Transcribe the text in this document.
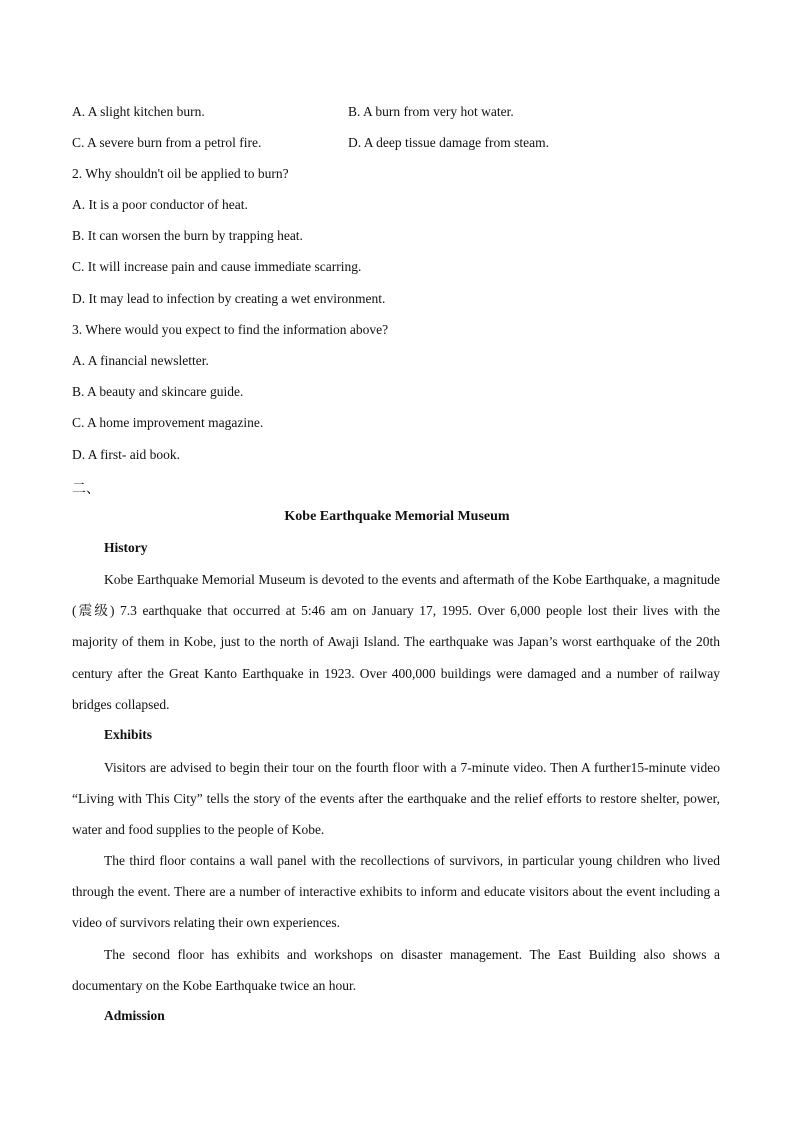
A. A slight kitchen burn.	B. A burn from very hot water.
C. A severe burn from a petrol fire.	D. A deep tissue damage from steam.
2. Why shouldn't oil be applied to burn?
A. It is a poor conductor of heat.
B. It can worsen the burn by trapping heat.
C. It will increase pain and cause immediate scarring.
D. It may lead to infection by creating a wet environment.
3. Where would you expect to find the information above?
A. A financial newsletter.
B. A beauty and skincare guide.
C. A home improvement magazine.
D. A first- aid book.
二、
Kobe Earthquake Memorial Museum
History
Kobe Earthquake Memorial Museum is devoted to the events and aftermath of the Kobe Earthquake, a magnitude (震级) 7.3 earthquake that occurred at 5:46 am on January 17, 1995. Over 6,000 people lost their lives with the majority of them in Kobe, just to the north of Awaji Island. The earthquake was Japan’s worst earthquake of the 20th century after the Great Kanto Earthquake in 1923. Over 400,000 buildings were damaged and a number of railway bridges collapsed.
Exhibits
Visitors are advised to begin their tour on the fourth floor with a 7-minute video. Then A further15-minute video “Living with This City” tells the story of the events after the earthquake and the relief efforts to restore shelter, power, water and food supplies to the people of Kobe.
The third floor contains a wall panel with the recollections of survivors, in particular young children who lived through the event. There are a number of interactive exhibits to inform and educate visitors about the event including a video of survivors relating their own experiences.
The second floor has exhibits and workshops on disaster management. The East Building also shows a documentary on the Kobe Earthquake twice an hour.
Admission
